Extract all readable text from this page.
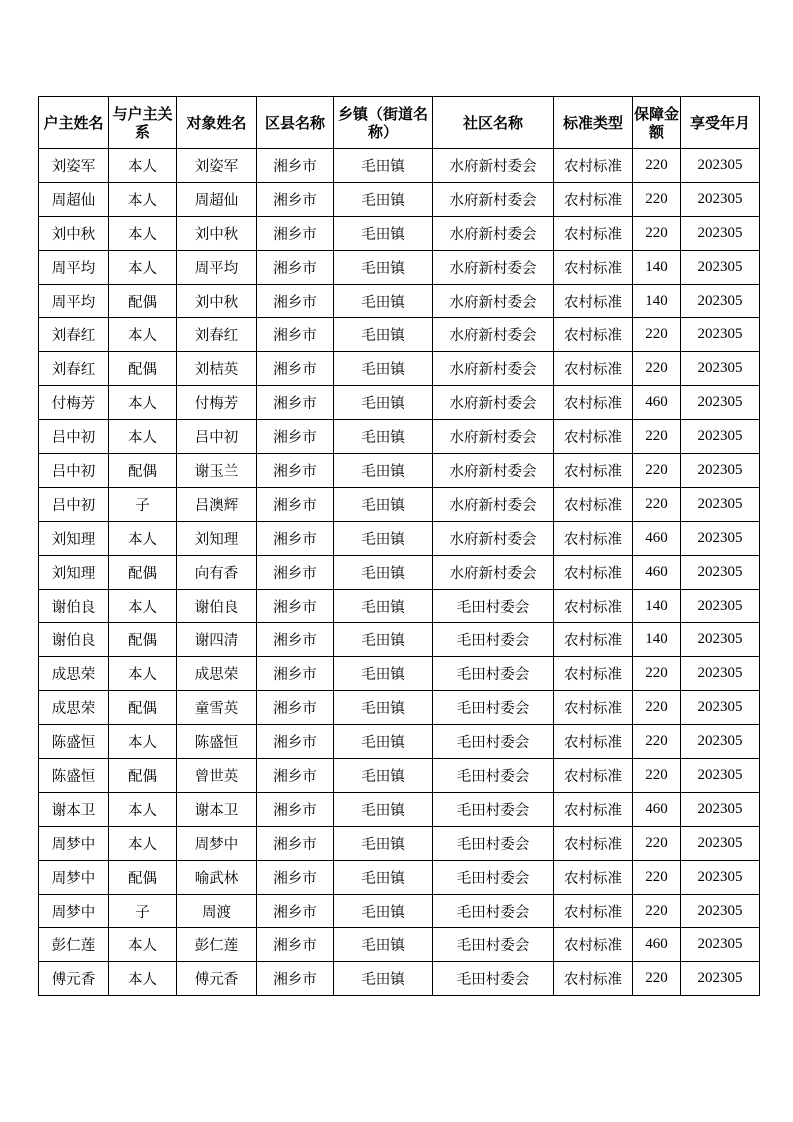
户主姓名	与户主关系	对象姓名	区县名称	乡镇（街道名称）	社区名称	标准类型	保障金额	享受年月
刘姿军	本人	刘姿军	湘乡市	毛田镇	水府新村委会	农村标准	220	202305
周超仙	本人	周超仙	湘乡市	毛田镇	水府新村委会	农村标准	220	202305
刘中秋	本人	刘中秋	湘乡市	毛田镇	水府新村委会	农村标准	220	202305
周平均	本人	周平均	湘乡市	毛田镇	水府新村委会	农村标准	140	202305
周平均	配偶	刘中秋	湘乡市	毛田镇	水府新村委会	农村标准	140	202305
刘春红	本人	刘春红	湘乡市	毛田镇	水府新村委会	农村标准	220	202305
刘春红	配偶	刘桔英	湘乡市	毛田镇	水府新村委会	农村标准	220	202305
付梅芳	本人	付梅芳	湘乡市	毛田镇	水府新村委会	农村标准	460	202305
吕中初	本人	吕中初	湘乡市	毛田镇	水府新村委会	农村标准	220	202305
吕中初	配偶	谢玉兰	湘乡市	毛田镇	水府新村委会	农村标准	220	202305
吕中初	子	吕澳辉	湘乡市	毛田镇	水府新村委会	农村标准	220	202305
刘知理	本人	刘知理	湘乡市	毛田镇	水府新村委会	农村标准	460	202305
刘知理	配偶	向有香	湘乡市	毛田镇	水府新村委会	农村标准	460	202305
谢伯良	本人	谢伯良	湘乡市	毛田镇	毛田村委会	农村标准	140	202305
谢伯良	配偶	谢四清	湘乡市	毛田镇	毛田村委会	农村标准	140	202305
成思荣	本人	成思荣	湘乡市	毛田镇	毛田村委会	农村标准	220	202305
成思荣	配偶	童雪英	湘乡市	毛田镇	毛田村委会	农村标准	220	202305
陈盛恒	本人	陈盛恒	湘乡市	毛田镇	毛田村委会	农村标准	220	202305
陈盛恒	配偶	曾世英	湘乡市	毛田镇	毛田村委会	农村标准	220	202305
谢本卫	本人	谢本卫	湘乡市	毛田镇	毛田村委会	农村标准	460	202305
周梦中	本人	周梦中	湘乡市	毛田镇	毛田村委会	农村标准	220	202305
周梦中	配偶	喻武林	湘乡市	毛田镇	毛田村委会	农村标准	220	202305
周梦中	子	周渡	湘乡市	毛田镇	毛田村委会	农村标准	220	202305
彭仁莲	本人	彭仁莲	湘乡市	毛田镇	毛田村委会	农村标准	460	202305
傅元香	本人	傅元香	湘乡市	毛田镇	毛田村委会	农村标准	220	202305
